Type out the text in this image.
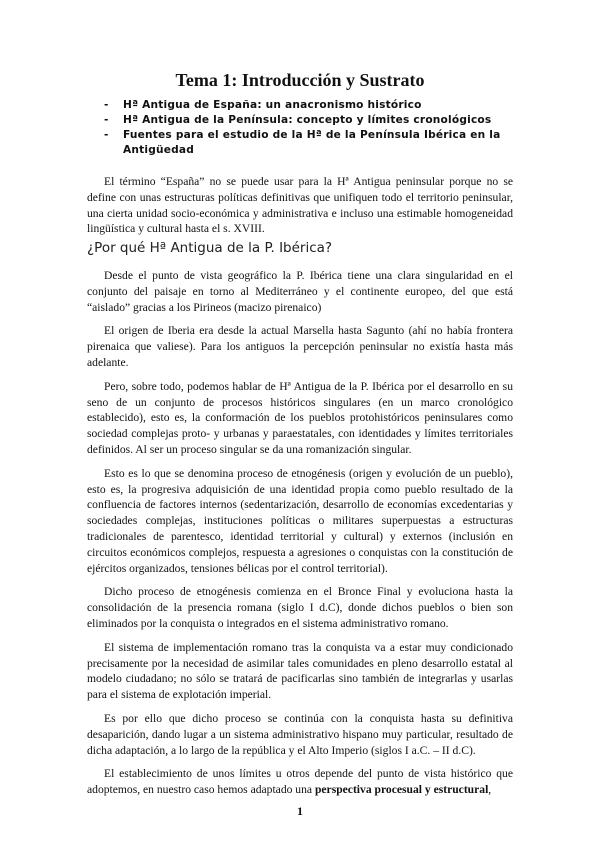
Tema 1: Introducción y Sustrato
- Hª Antigua de España: un anacronismo histórico
- Hª Antigua de la Península: concepto y límites cronológicos
- Fuentes para el estudio de la Hª de la Península Ibérica en la Antigüedad

El término “España” no se puede usar para la Hª Antigua peninsular porque no se define con unas estructuras políticas definitivas que unifiquen todo el territorio peninsular, una cierta unidad socio-económica y administrativa e incluso una estimable homogeneidad lingüística y cultural hasta el s. XVIII.

¿Por qué Hª Antigua de la P. Ibérica?

Desde el punto de vista geográfico la P. Ibérica tiene una clara singularidad en el conjunto del paisaje en torno al Mediterráneo y el continente europeo, del que está “aislado” gracias a los Pirineos (macizo pirenaico)

El origen de Iberia era desde la actual Marsella hasta Saguntо (ahí no había frontera pirenaica que valiese). Para los antiguos la percepción peninsular no existía hasta más adelante.

Pero, sobre todo, podemos hablar de Hª Antigua de la P. Ibérica por el desarrollo en su seno de un conjunto de procesos históricos singulares (en un marco cronológico establecido), esto es, la conformación de los pueblos protohistóricos peninsulares como sociedad complejas proto- y urbanas y paraestatales, con identidades y límites territoriales definidos. Al ser un proceso singular se da una romanización singular.

Esto es lo que se denomina proceso de etnogénesis (origen y evolución de un pueblo), esto es, la progresiva adquisición de una identidad propia como pueblo resultado de la confluencia de factores internos (sedentarización, desarrollo de economías excedentarias y sociedades complejas, instituciones políticas o militares superpuestas a estructuras tradicionales de parentesco, identidad territorial y cultural) y externos (inclusión en circuitos económicos complejos, respuesta a agresiones o conquistas con la constitución de ejércitos organizados, tensiones bélicas por el control territorial).

Dicho proceso de etnogénesis comienza en el Bronce Final y evoluciona hasta la consolidación de la presencia romana (siglo I d.C), donde dichos pueblos o bien son eliminados por la conquista o integrados en el sistema administrativo romano.

El sistema de implementación romano tras la conquista va a estar muy condicionado precisamente por la necesidad de asimilar tales comunidades en pleno desarrollo estatal al modelo ciudadano; no sólo se tratará de pacificarlas sino también de integrarlas y usarlas para el sistema de explotación imperial.

Es por ello que dicho proceso se continúa con la conquista hasta su definitiva desaparición, dando lugar a un sistema administrativo hispano muy particular, resultado de dicha adaptación, a lo largo de la república y el Alto Imperio (siglos I a.C. – II d.C).

El establecimiento de unos límites u otros depende del punto de vista histórico que adoptemos, en nuestro caso hemos adaptado una perspectiva procesual y estructural,

1
